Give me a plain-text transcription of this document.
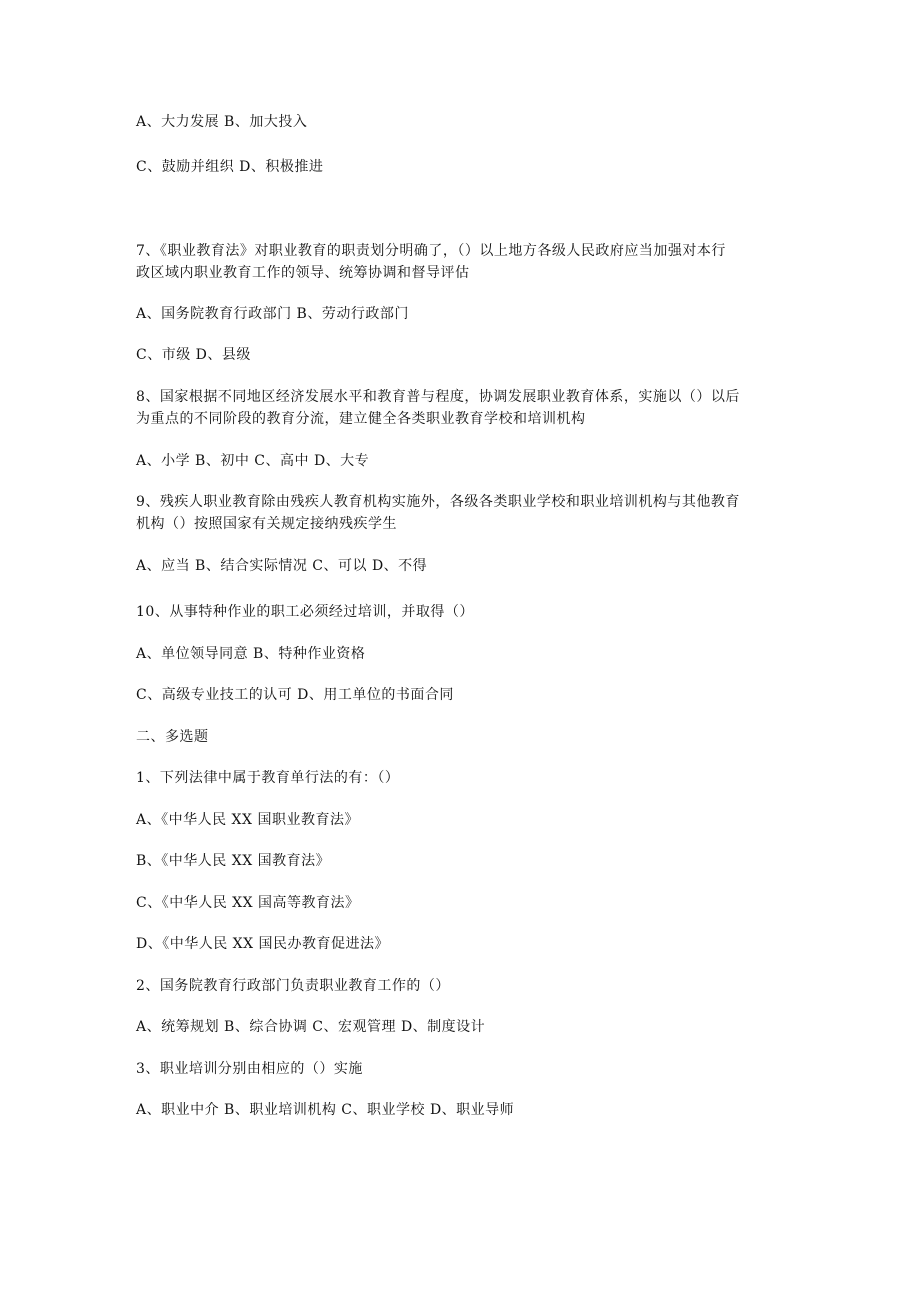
A、大力发展 B、加大投入
C、鼓励并组织 D、积极推进
7、《职业教育法》对职业教育的职责划分明确了，（）以上地方各级人民政府应当加强对本行
政区域内职业教育工作的领导、统筹协调和督导评估
A、国务院教育行政部门 B、劳动行政部门
C、市级 D、县级
8、国家根据不同地区经济发展水平和教育普与程度，协调发展职业教育体系，实施以（）以后
为重点的不同阶段的教育分流，建立健全各类职业教育学校和培训机构
A、小学 B、初中 C、高中 D、大专
9、残疾人职业教育除由残疾人教育机构实施外，各级各类职业学校和职业培训机构与其他教育
机构（）按照国家有关规定接纳残疾学生
A、应当 B、结合实际情况 C、可以 D、不得
10、从事特种作业的职工必须经过培训，并取得（）
A、单位领导同意 B、特种作业资格
C、高级专业技工的认可 D、用工单位的书面合同
二、多选题
1、下列法律中属于教育单行法的有：（）
A、《中华人民 XX 国职业教育法》
B、《中华人民 XX 国教育法》
C、《中华人民 XX 国高等教育法》
D、《中华人民 XX 国民办教育促进法》
2、国务院教育行政部门负责职业教育工作的（）
A、统筹规划 B、综合协调 C、宏观管理 D、制度设计
3、职业培训分别由相应的（）实施
A、职业中介 B、职业培训机构 C、职业学校 D、职业导师
